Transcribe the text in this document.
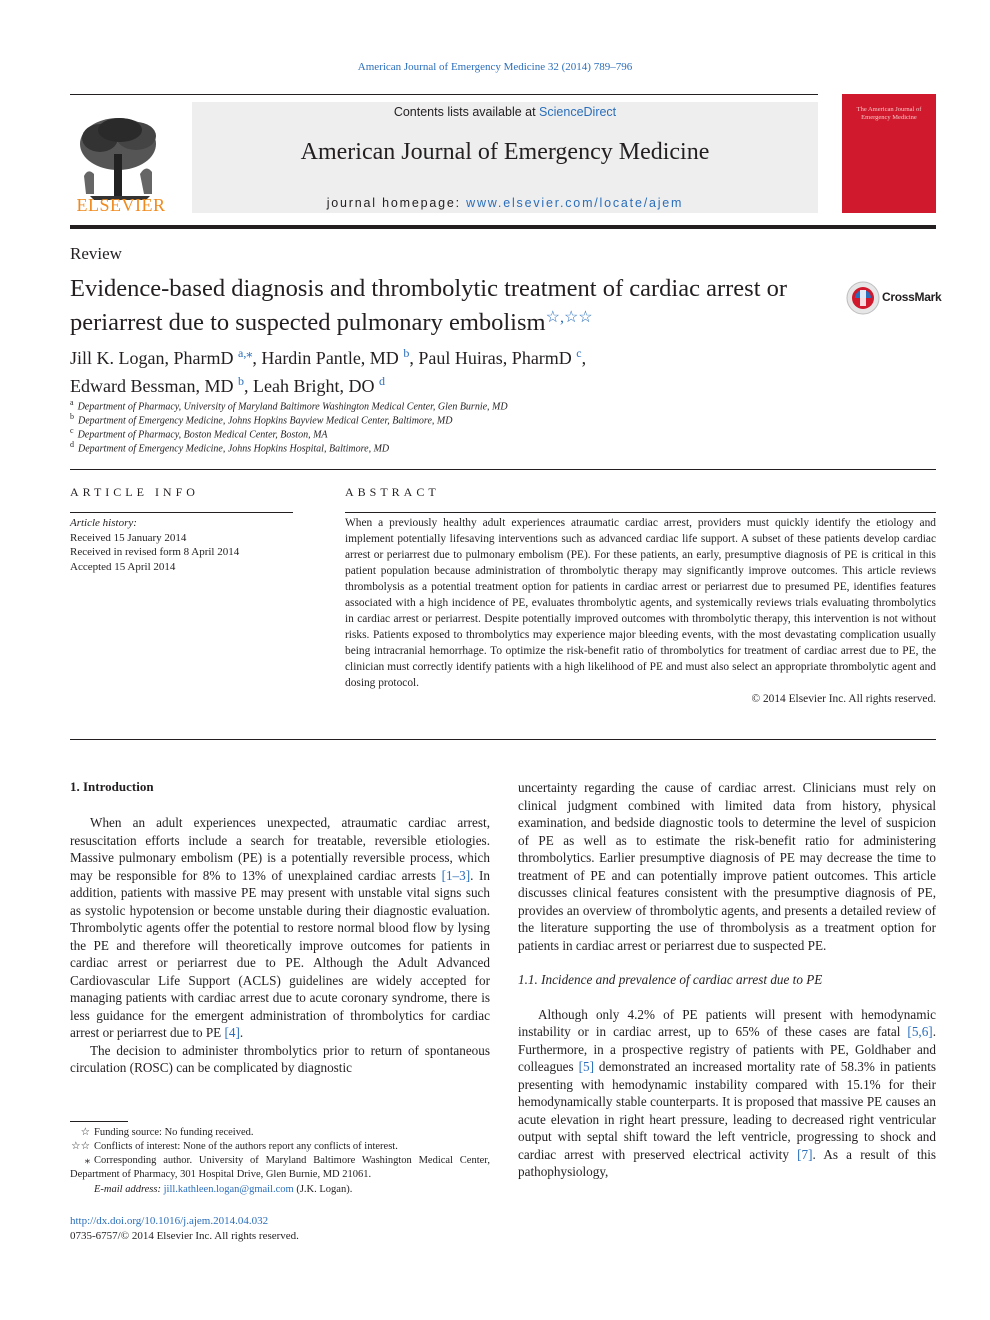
American Journal of Emergency Medicine 32 (2014) 789–796
ELSEVIER
Contents lists available at ScienceDirect
American Journal of Emergency Medicine
journal homepage: www.elsevier.com/locate/ajem
The American Journal of Emergency Medicine
Review
Evidence-based diagnosis and thrombolytic treatment of cardiac arrest or periarrest due to suspected pulmonary embolism☆,☆☆
CrossMark
Jill K. Logan, PharmD $^{a,⁎}$, Hardin Pantle, MD $^b$, Paul Huiras, PharmD $^c$,
Edward Bessman, MD $^b$, Leah Bright, DO $^d$
$^a$ Department of Pharmacy, University of Maryland Baltimore Washington Medical Center, Glen Burnie, MD
$^b$ Department of Emergency Medicine, Johns Hopkins Bayview Medical Center, Baltimore, MD
$^c$ Department of Pharmacy, Boston Medical Center, Boston, MA
$^d$ Department of Emergency Medicine, Johns Hopkins Hospital, Baltimore, MD
ARTICLE INFO
Article history:
Received 15 January 2014
Received in revised form 8 April 2014
Accepted 15 April 2014
ABSTRACT
When a previously healthy adult experiences atraumatic cardiac arrest, providers must quickly identify the etiology and implement potentially lifesaving interventions such as advanced cardiac life support. A subset of these patients develop cardiac arrest or periarrest due to pulmonary embolism (PE). For these patients, an early, presumptive diagnosis of PE is critical in this patient population because administration of thrombolytic therapy may significantly improve outcomes. This article reviews thrombolysis as a potential treatment option for patients in cardiac arrest or periarrest due to presumed PE, identifies features associated with a high incidence of PE, evaluates thrombolytic agents, and systemically reviews trials evaluating thrombolytics in cardiac arrest or periarrest. Despite potentially improved outcomes with thrombolytic therapy, this intervention is not without risks. Patients exposed to thrombolytics may experience major bleeding events, with the most devastating complication usually being intracranial hemorrhage. To optimize the risk-benefit ratio of thrombolytics for treatment of cardiac arrest due to PE, the clinician must correctly identify patients with a high likelihood of PE and must also select an appropriate thrombolytic agent and dosing protocol.
© 2014 Elsevier Inc. All rights reserved.
1. Introduction

When an adult experiences unexpected, atraumatic cardiac arrest, resuscitation efforts include a search for treatable, reversible etiologies. Massive pulmonary embolism (PE) is a potentially reversible process, which may be responsible for 8% to 13% of unexplained cardiac arrests [1–3]. In addition, patients with massive PE may present with unstable vital signs such as systolic hypotension or become unstable during their diagnostic evaluation. Thrombolytic agents offer the potential to restore normal blood flow by lysing the PE and therefore will theoretically improve outcomes for patients in cardiac arrest or periarrest due to PE. Although the Adult Advanced Cardiovascular Life Support (ACLS) guidelines are widely accepted for managing patients with cardiac arrest due to acute coronary syndrome, there is less guidance for the emergent administration of thrombolytics for cardiac arrest or periarrest due to PE [4].

The decision to administer thrombolytics prior to return of spontaneous circulation (ROSC) can be complicated by diagnostic

uncertainty regarding the cause of cardiac arrest. Clinicians must rely on clinical judgment combined with limited data from history, physical examination, and bedside diagnostic tools to determine the level of suspicion of PE as well as to estimate the risk-benefit ratio for administering thrombolytics. Earlier presumptive diagnosis of PE may decrease the time to treatment of PE and can potentially improve patient outcomes. This article discusses clinical features consistent with the presumptive diagnosis of PE, provides an overview of thrombolytic agents, and presents a detailed review of the literature supporting the use of thrombolysis as a treatment option for patients in cardiac arrest or periarrest due to suspected PE.

1.1. Incidence and prevalence of cardiac arrest due to PE

Although only 4.2% of PE patients will present with hemodynamic instability or in cardiac arrest, up to 65% of these cases are fatal [5,6]. Furthermore, in a prospective registry of patients with PE, Goldhaber and colleagues [5] demonstrated an increased mortality rate of 58.3% in patients presenting with hemodynamic instability compared with 15.1% for their hemodynamically stable counterparts. It is proposed that massive PE causes an acute elevation in right heart pressure, leading to decreased right ventricular output with septal shift toward the left ventricle, progressing to shock and cardiac arrest with preserved electrical activity [7]. As a result of this pathophysiology,

☆ Funding source: No funding received.
☆☆ Conflicts of interest: None of the authors report any conflicts of interest.
⁎ Corresponding author. University of Maryland Baltimore Washington Medical Center, Department of Pharmacy, 301 Hospital Drive, Glen Burnie, MD 21061.
E-mail address: jill.kathleen.logan@gmail.com (J.K. Logan).
http://dx.doi.org/10.1016/j.ajem.2014.04.032
0735-6757/© 2014 Elsevier Inc. All rights reserved.
